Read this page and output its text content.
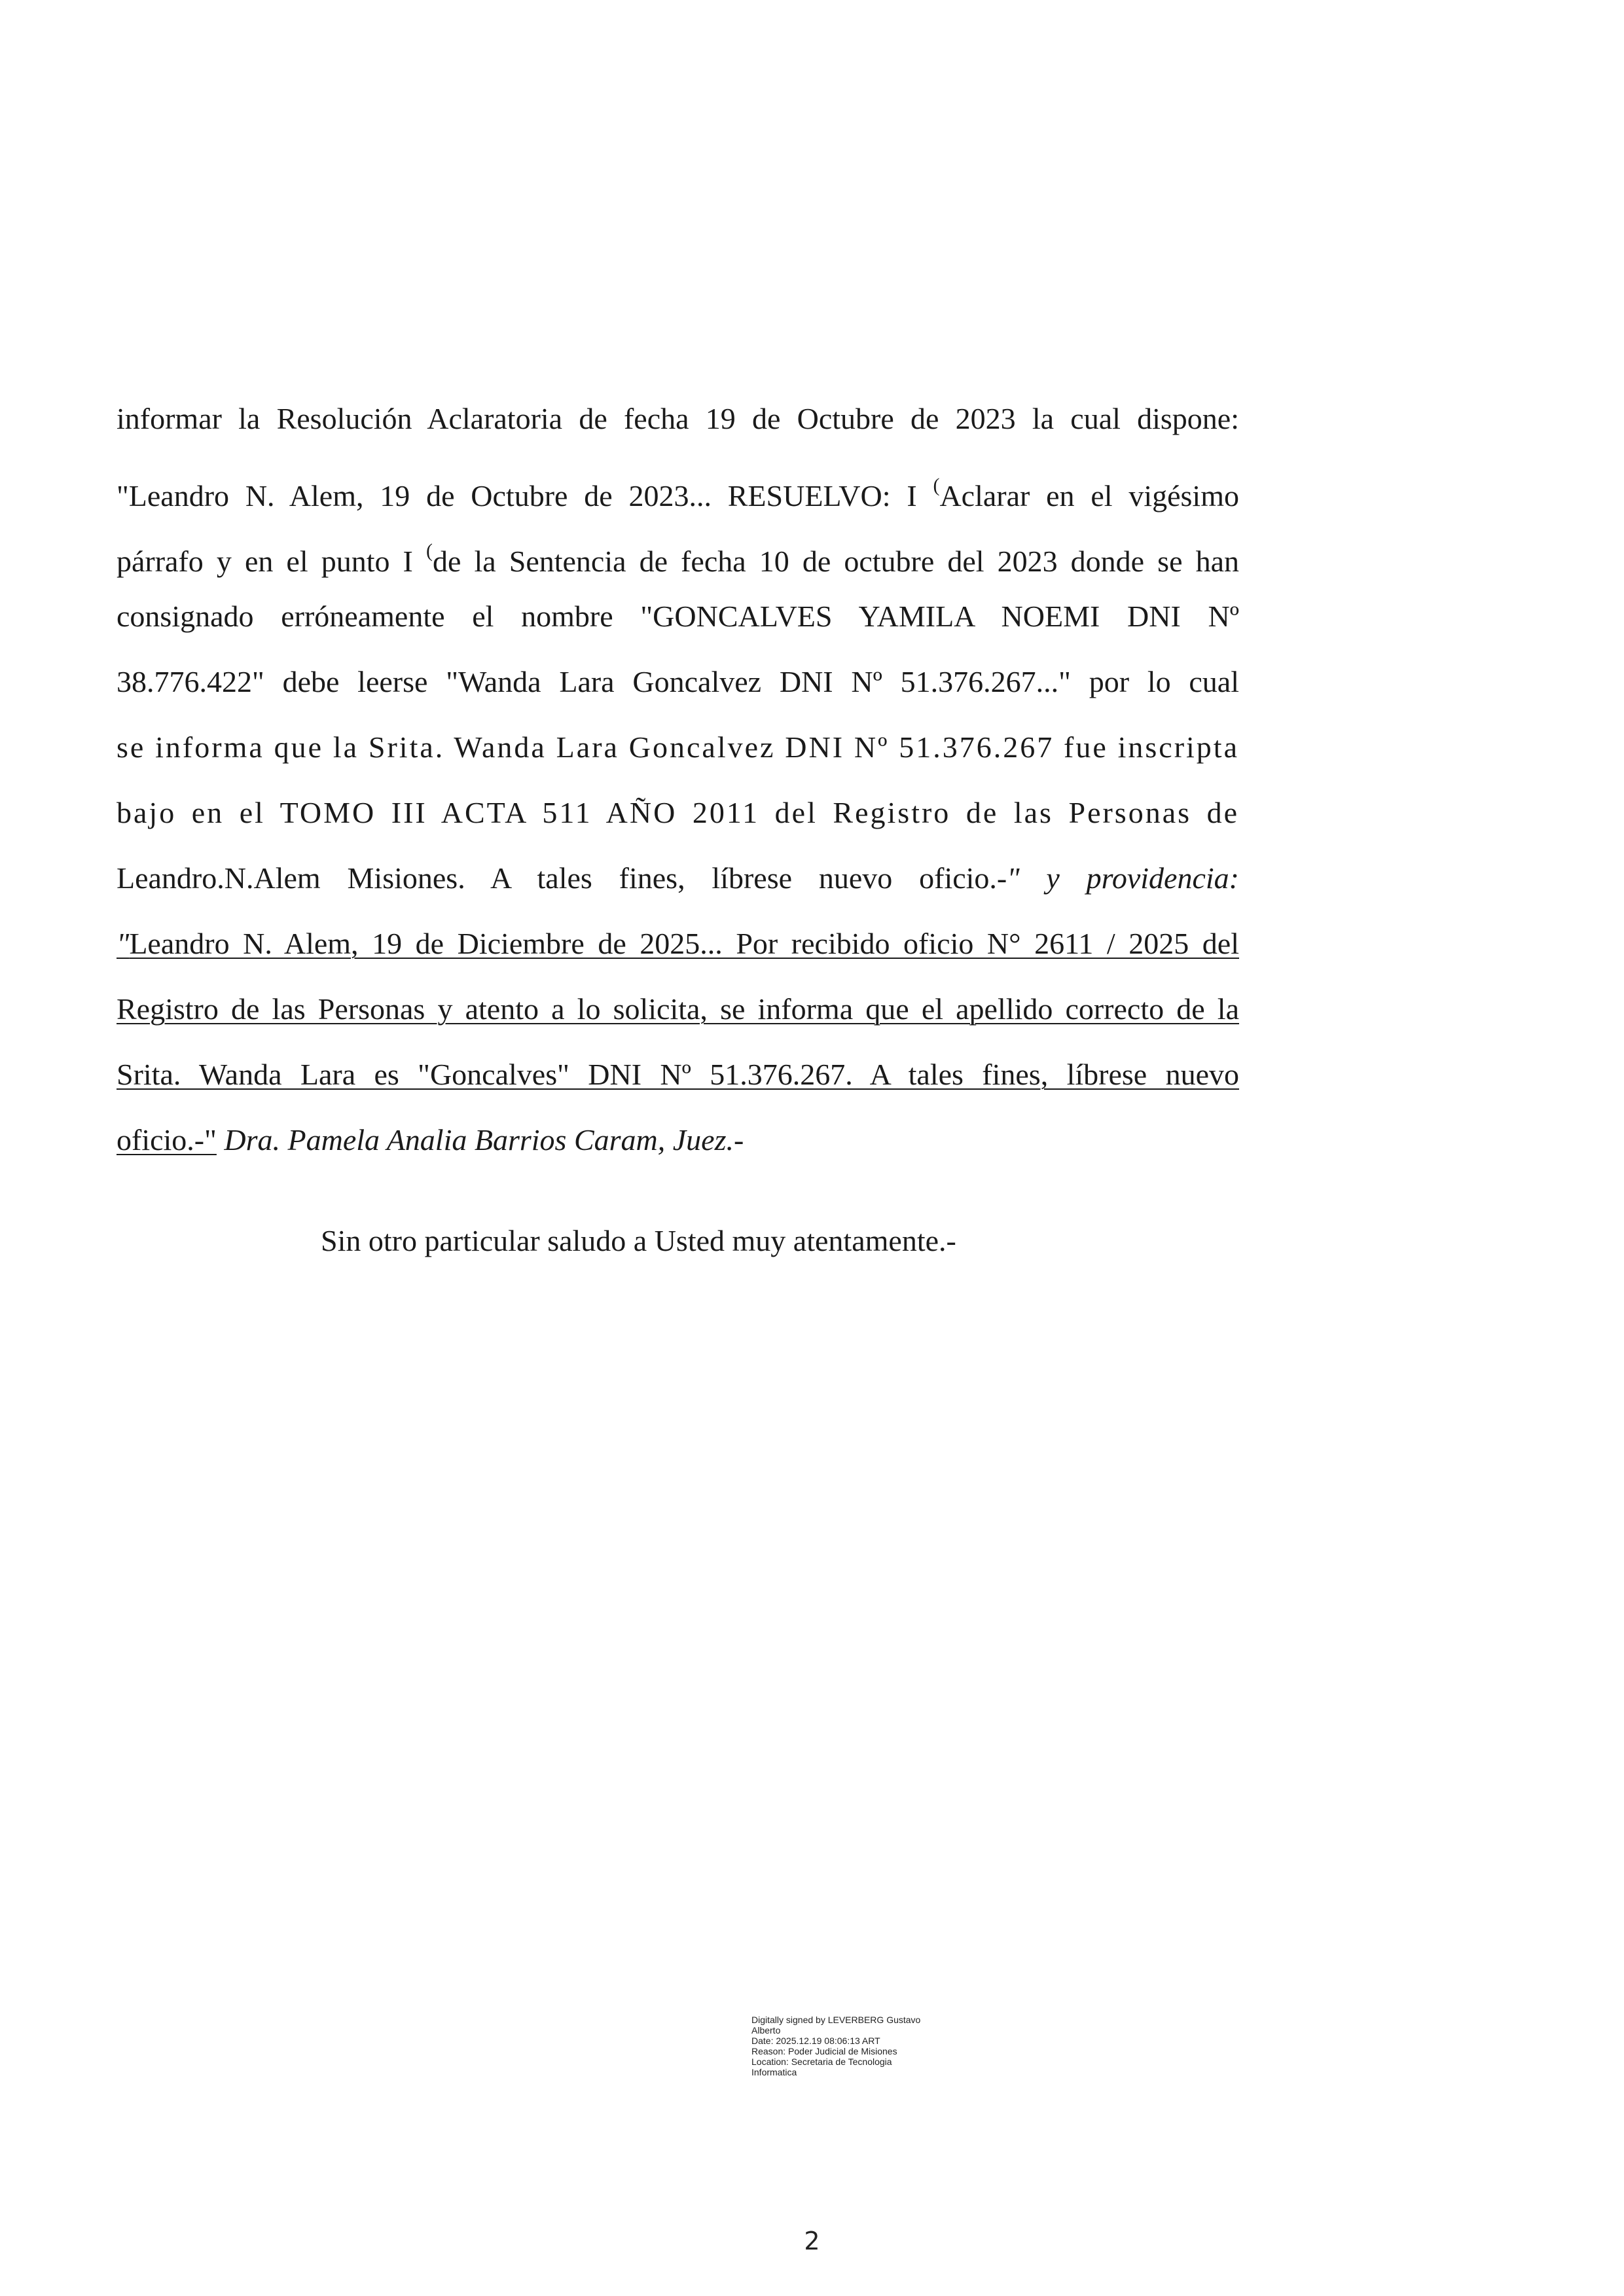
informar la Resolución Aclaratoria de fecha 19 de Octubre de 2023 la cual dispone:
"Leandro N. Alem, 19 de Octubre de 2023... RESUELVO: I (Aclarar en el vigésimo
párrafo y en el punto I (de la Sentencia de fecha 10 de octubre del 2023 donde se han
consignado erróneamente el nombre "GONCALVES YAMILA NOEMI DNI Nº
38.776.422" debe leerse "Wanda Lara Goncalvez DNI Nº 51.376.267..." por lo cual
se informa que la Srita. Wanda Lara Goncalvez DNI Nº 51.376.267 fue inscripta
bajo en el TOMO III ACTA 511 AÑO 2011 del Registro de las Personas de
Leandro.N.Alem Misiones. A tales fines, líbrese nuevo oficio.-" y providencia:
"Leandro N. Alem, 19 de Diciembre de 2025... Por recibido oficio N° 2611 / 2025 del
Registro de las Personas y atento a lo solicita, se informa que el apellido correcto de la
Srita. Wanda Lara es "Goncalves" DNI Nº 51.376.267. A tales fines, líbrese nuevo
oficio.-" Dra. Pamela Analia Barrios Caram, Juez.-
Sin otro particular saludo a Usted muy atentamente.-
Digitally signed by LEVERBERG Gustavo
Alberto
Date: 2025.12.19 08:06:13 ART
Reason: Poder Judicial de Misiones
Location: Secretaria de Tecnologia
Informatica
2
